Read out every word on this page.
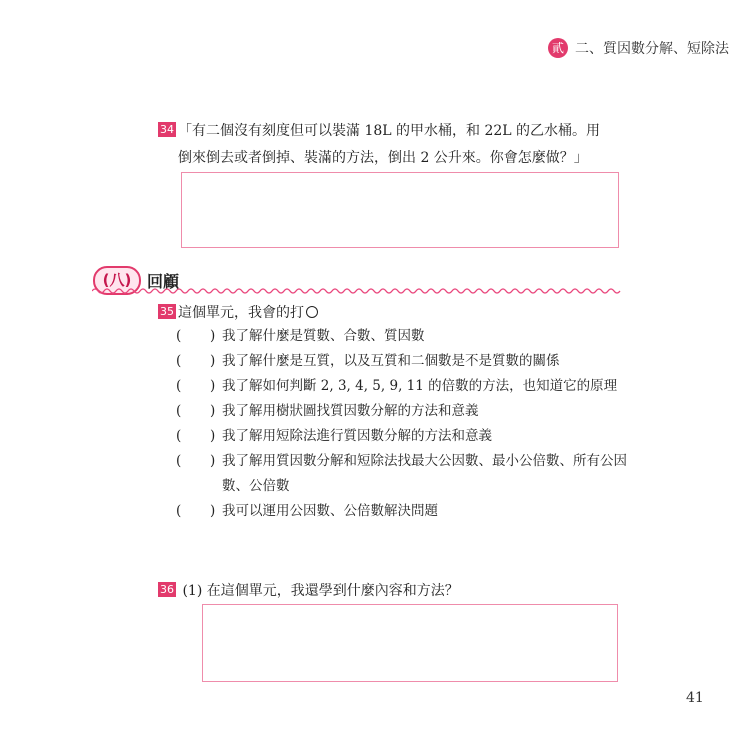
貳 二、質因數分解、短除法
34 「有二個沒有刻度但可以裝滿 18L 的甲水桶，和 22L 的乙水桶。用
倒來倒去或者倒掉、裝滿的方法，倒出 2 公升來。你會怎麼做？」
(八) 回顧
35 這個單元，我會的打
( ) 我了解什麼是質數、合數、質因數
( ) 我了解什麼是互質，以及互質和二個數是不是質數的關係
( ) 我了解如何判斷 2, 3, 4, 5, 9, 11 的倍數的方法，也知道它的原理
( ) 我了解用樹狀圖找質因數分解的方法和意義
( ) 我了解用短除法進行質因數分解的方法和意義
( ) 我了解用質因數分解和短除法找最大公因數、最小公倍數、所有公因數、公倍數
( ) 我可以運用公因數、公倍數解決問題
36 (1) 在這個單元，我還學到什麼內容和方法？
41
